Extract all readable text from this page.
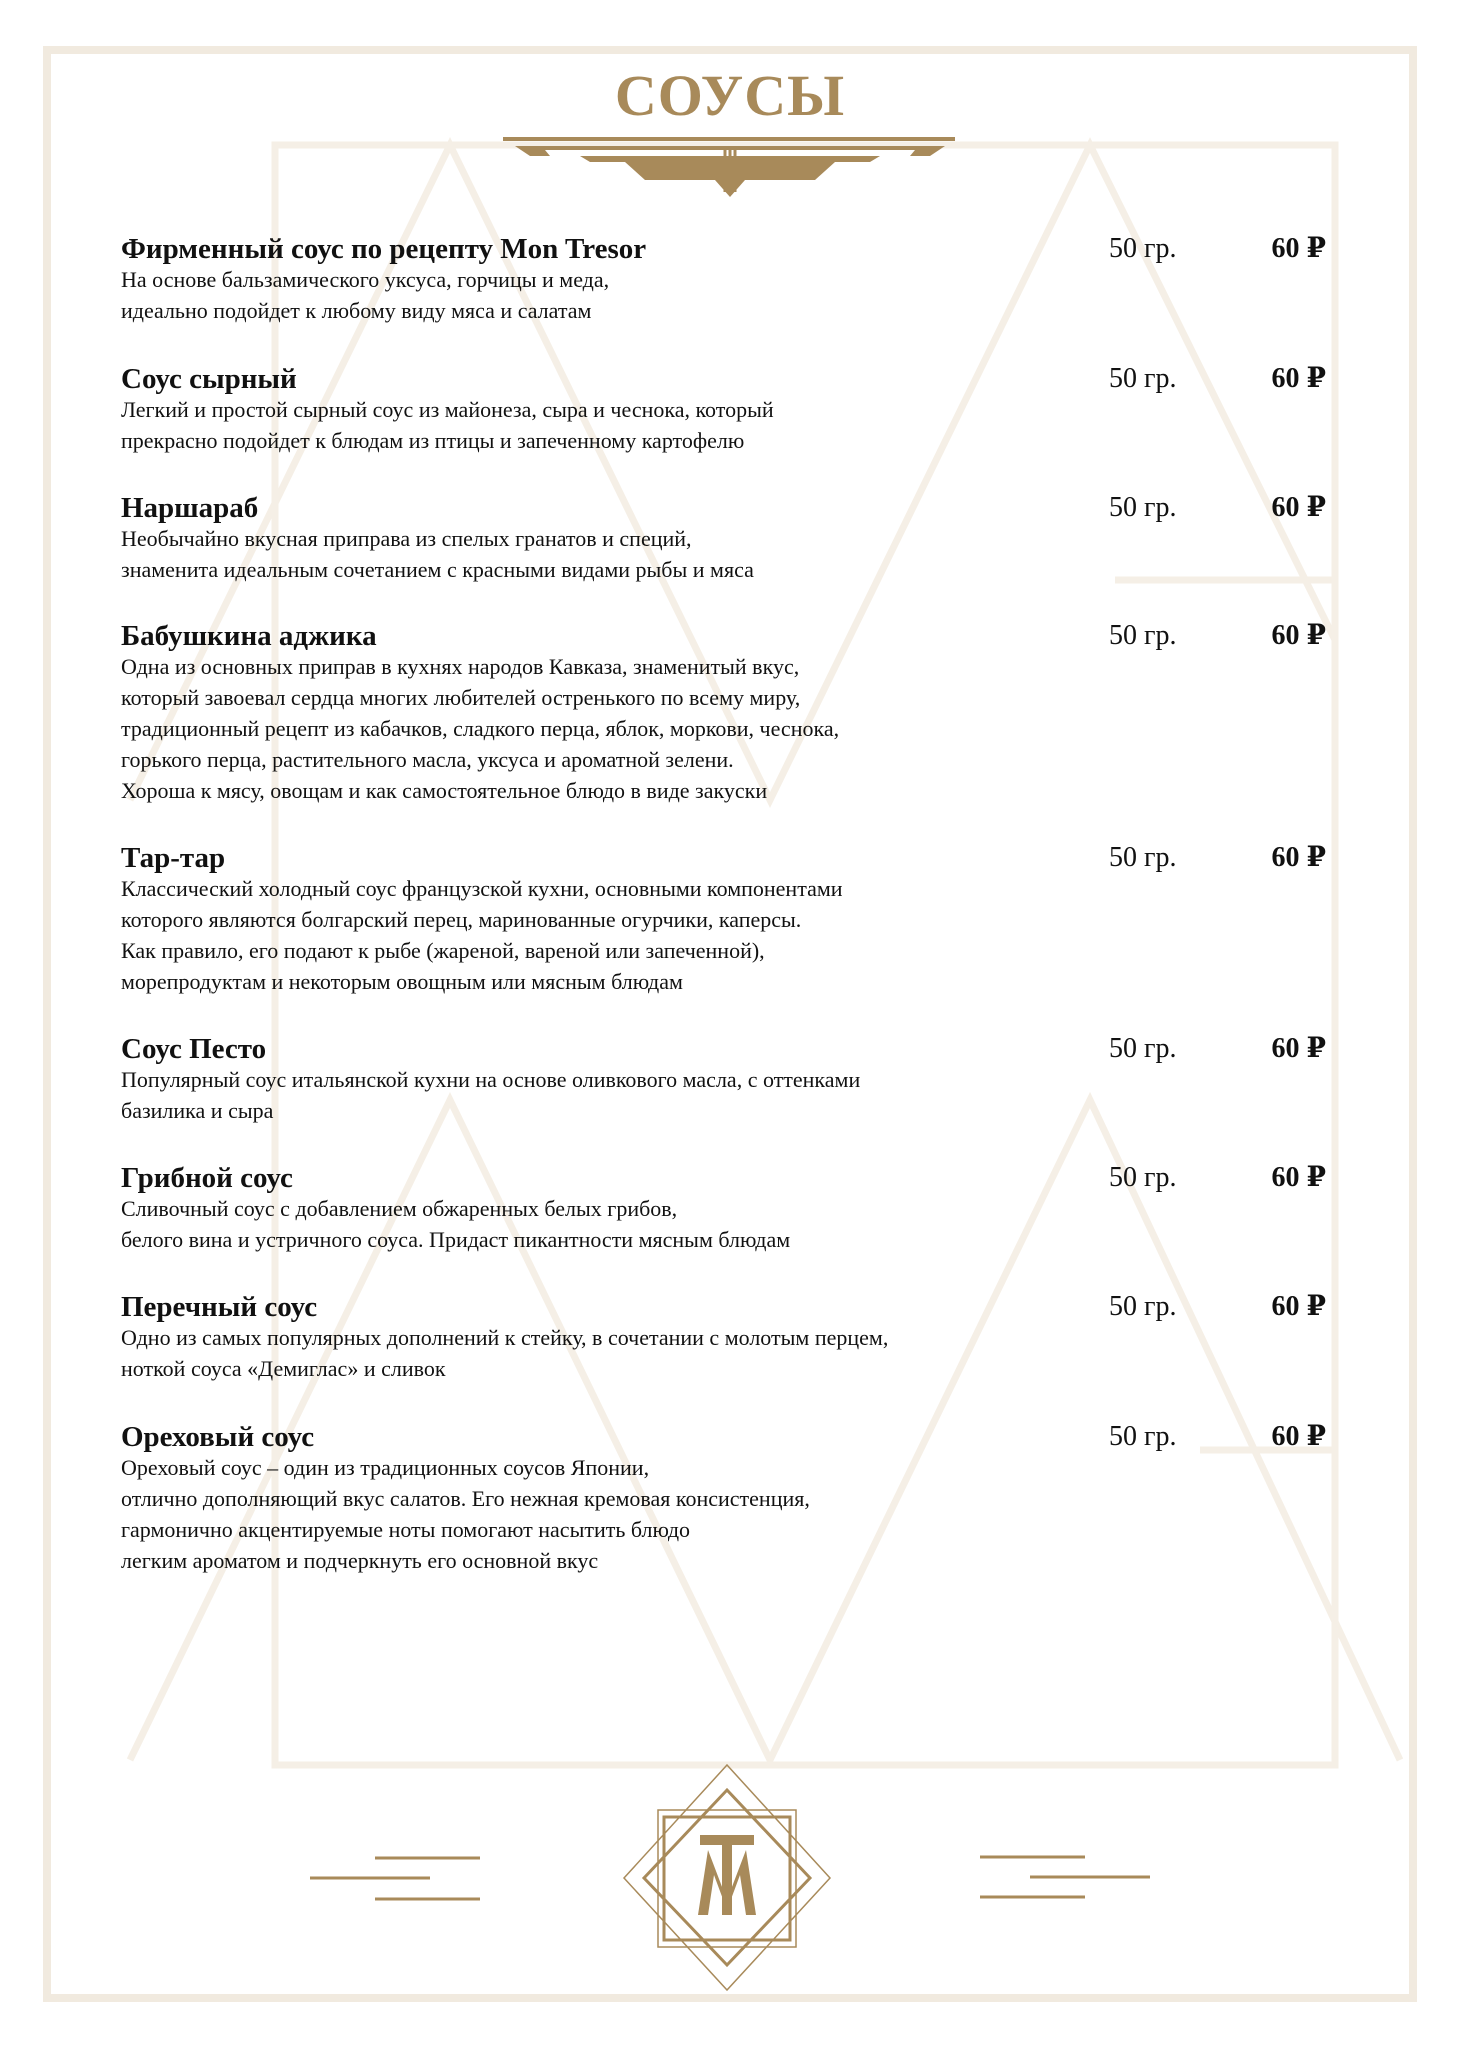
СОУСЫ
Фирменный соус по рецепту Mon Tresor
На основе бальзамического уксуса, горчицы и меда,
идеально подойдет к любому виду мяса и салатам
50 гр.	60 ₽
Соус сырный
Легкий и простой сырный соус из майонеза, сыра и чеснока, который
прекрасно подойдет к блюдам из птицы и запеченному картофелю
50 гр.	60 ₽
Наршараб
Необычайно вкусная приправа из спелых гранатов и специй,
знаменита идеальным сочетанием с красными видами рыбы и мяса
50 гр.	60 ₽
Бабушкина аджика
Одна из основных приправ в кухнях народов Кавказа, знаменитый вкус,
который завоевал сердца многих любителей остренького по всему миру,
традиционный рецепт из кабачков, сладкого перца, яблок, моркови, чеснока,
горького перца, растительного масла, уксуса и ароматной зелени.
Хороша к мясу, овощам и как самостоятельное блюдо в виде закуски
50 гр.	60 ₽
Тар-тар
Классический холодный соус французской кухни, основными компонентами
которого являются болгарский перец, маринованные огурчики, каперсы.
Как правило, его подают к рыбе (жареной, вареной или запеченной),
морепродуктам и некоторым овощным или мясным блюдам
50 гр.	60 ₽
Соус Песто
Популярный соус итальянской кухни на основе оливкового масла, с оттенками
базилика и сыра
50 гр.	60 ₽
Грибной соус
Сливочный соус с добавлением обжаренных белых грибов,
белого вина и устричного соуса. Придаст пикантности мясным блюдам
50 гр.	60 ₽
Перечный соус
Одно из самых популярных дополнений к стейку, в сочетании с молотым перцем,
ноткой соуса «Демиглас» и сливок
50 гр.	60 ₽
Ореховый соус
Ореховый соус – один из традиционных соусов Японии,
отлично дополняющий вкус салатов. Его нежная кремовая консистенция,
гармонично акцентируемые ноты помогают насытить блюдо
легким ароматом и подчеркнуть его основной вкус
50 гр.	60 ₽
